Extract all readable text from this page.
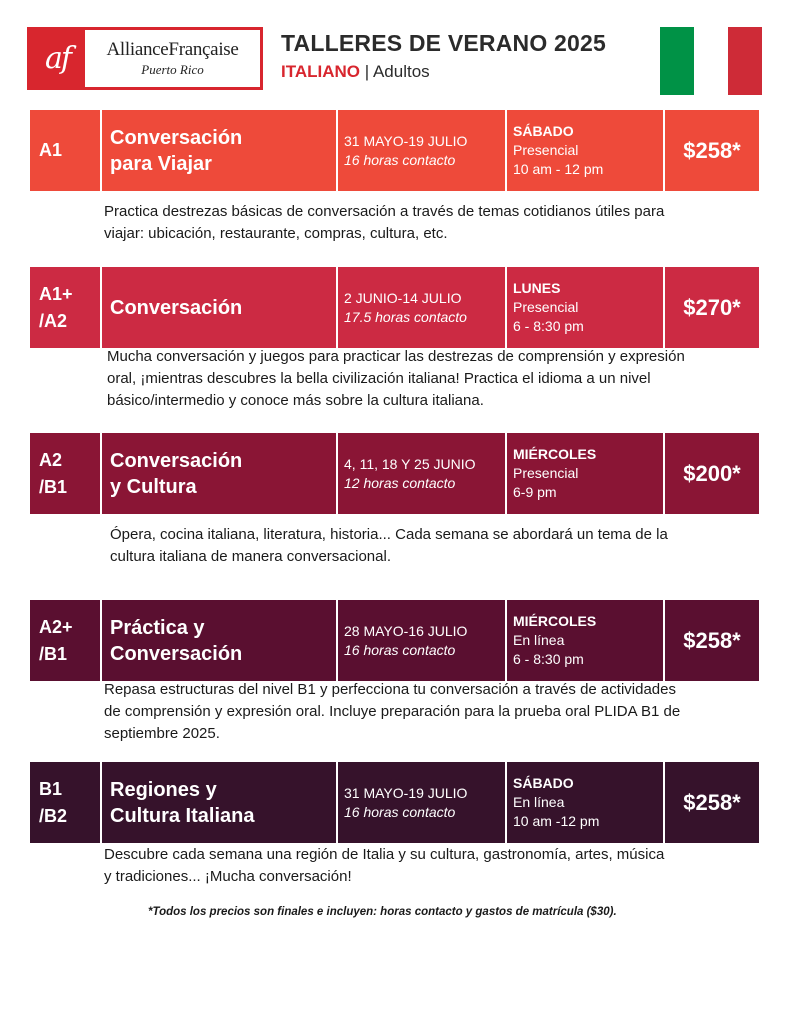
af	AllianceFrançaise
Puerto Rico
TALLERES DE VERANO 2025
ITALIANO | Adultos
A1
Conversación
para Viajar
31 MAYO-19 JULIO
16 horas contacto
SÁBADO
Presencial
10 am - 12 pm
$258*
Practica destrezas básicas de conversación a través de temas cotidianos útiles para viajar: ubicación, restaurante, compras, cultura, etc.
A1+
/A2
Conversación	2 JUNIO-14 JULIO
17.5 horas contacto
LUNES
Presencial
6 - 8:30 pm
$270*
Mucha conversación y juegos para practicar las destrezas de comprensión y expresión oral, ¡mientras descubres la bella civilización italiana! Practica el idioma a un nivel básico/intermedio y conoce más sobre la cultura italiana.
A2
/B1
Conversación
y Cultura
4, 11, 18 Y 25 JUNIO
12 horas contacto
MIÉRCOLES
Presencial
6-9 pm
$200*
Ópera, cocina italiana, literatura, historia... Cada semana se abordará un tema de la cultura italiana de manera conversacional.
A2+
/B1
Práctica y
Conversación
28 MAYO-16 JULIO
16 horas contacto
MIÉRCOLES
En línea
6 - 8:30 pm
$258*
Repasa estructuras del nivel B1 y perfecciona tu conversación a través de actividades de comprensión y expresión oral. Incluye preparación para la prueba oral PLIDA B1 de septiembre 2025.
B1
/B2
Regiones y
Cultura Italiana
31 MAYO-19 JULIO
16 horas contacto
SÁBADO
En línea
10 am -12 pm
$258*
Descubre cada semana una región de Italia y su cultura, gastronomía, artes, música y tradiciones... ¡Mucha conversación!
*Todos los precios son finales e incluyen: horas contacto y gastos de matrícula ($30).
